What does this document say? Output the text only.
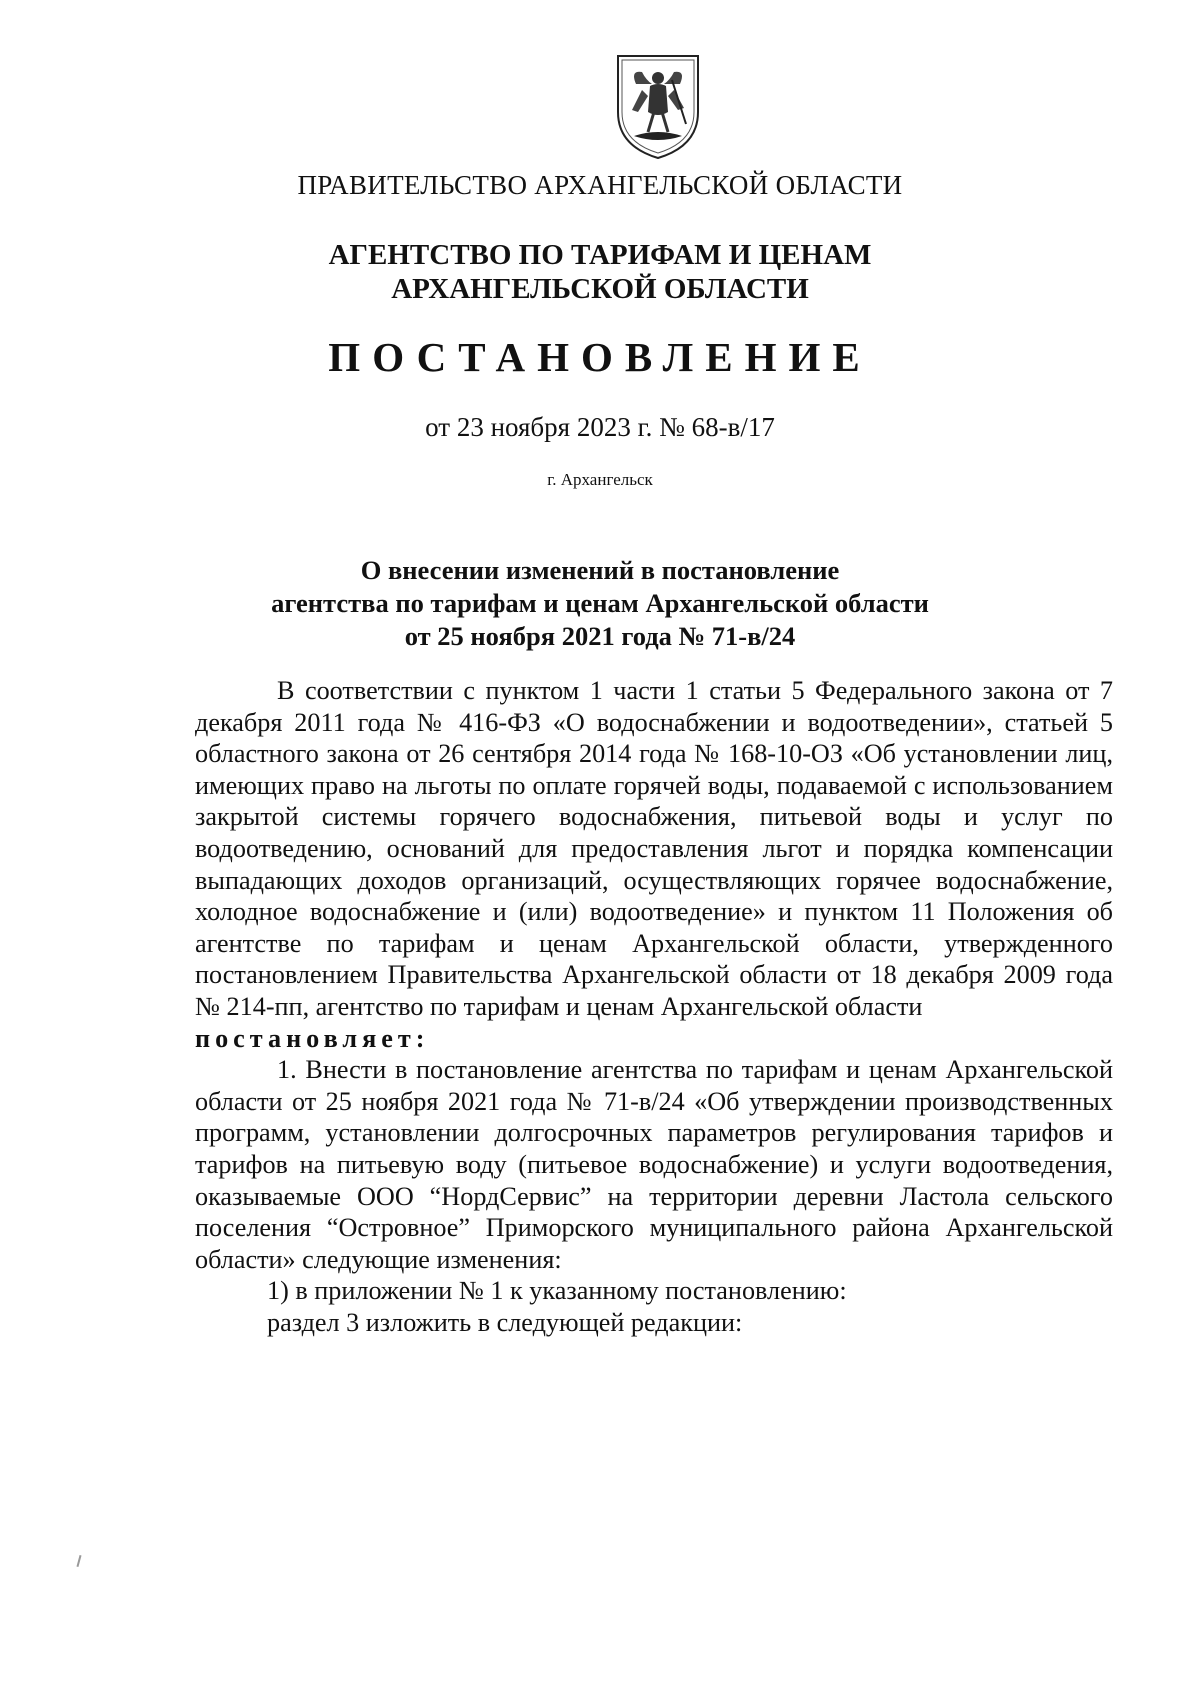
ПРАВИТЕЛЬСТВО АРХАНГЕЛЬСКОЙ ОБЛАСТИ
АГЕНТСТВО ПО ТАРИФАМ И ЦЕНАМ
АРХАНГЕЛЬСКОЙ ОБЛАСТИ
ПОСТАНОВЛЕНИЕ
от 23 ноября 2023 г. № 68-в/17
г. Архангельск
О внесении изменений в постановление
агентства по тарифам и ценам Архангельской области
от 25 ноября 2021 года № 71-в/24

В соответствии с пунктом 1 части 1 статьи 5 Федерального закона от 7 декабря 2011 года № 416-ФЗ «О водоснабжении и водоотведении», статьей 5 областного закона от 26 сентября 2014 года № 168-10-ОЗ «Об установлении лиц, имеющих право на льготы по оплате горячей воды, подаваемой с использованием закрытой системы горячего водоснабжения, питьевой воды и услуг по водоотведению, оснований для предоставления льгот и порядка компенсации выпадающих доходов организаций, осуществляющих горячее водоснабжение, холодное водоснабжение и (или) водоотведение» и пунктом 11 Положения об агентстве по тарифам и ценам Архангельской области, утвержденного постановлением Правительства Архангельской области от 18 декабря 2009 года № 214-пп, агентство по тарифам и ценам Архангельской области

постановляет:

1. Внести в постановление агентства по тарифам и ценам Архангельской области от 25 ноября 2021 года № 71-в/24 «Об утверждении производственных программ, установлении долгосрочных параметров регулирования тарифов и тарифов на питьевую воду (питьевое водоснабжение) и услуги водоотведения, оказываемые ООО “НордСервис” на территории деревни Ластола сельского поселения “Островное” Приморского муниципального района Архангельской области» следующие изменения:

1) в приложении № 1 к указанному постановлению:

раздел 3 изложить в следующей редакции:
